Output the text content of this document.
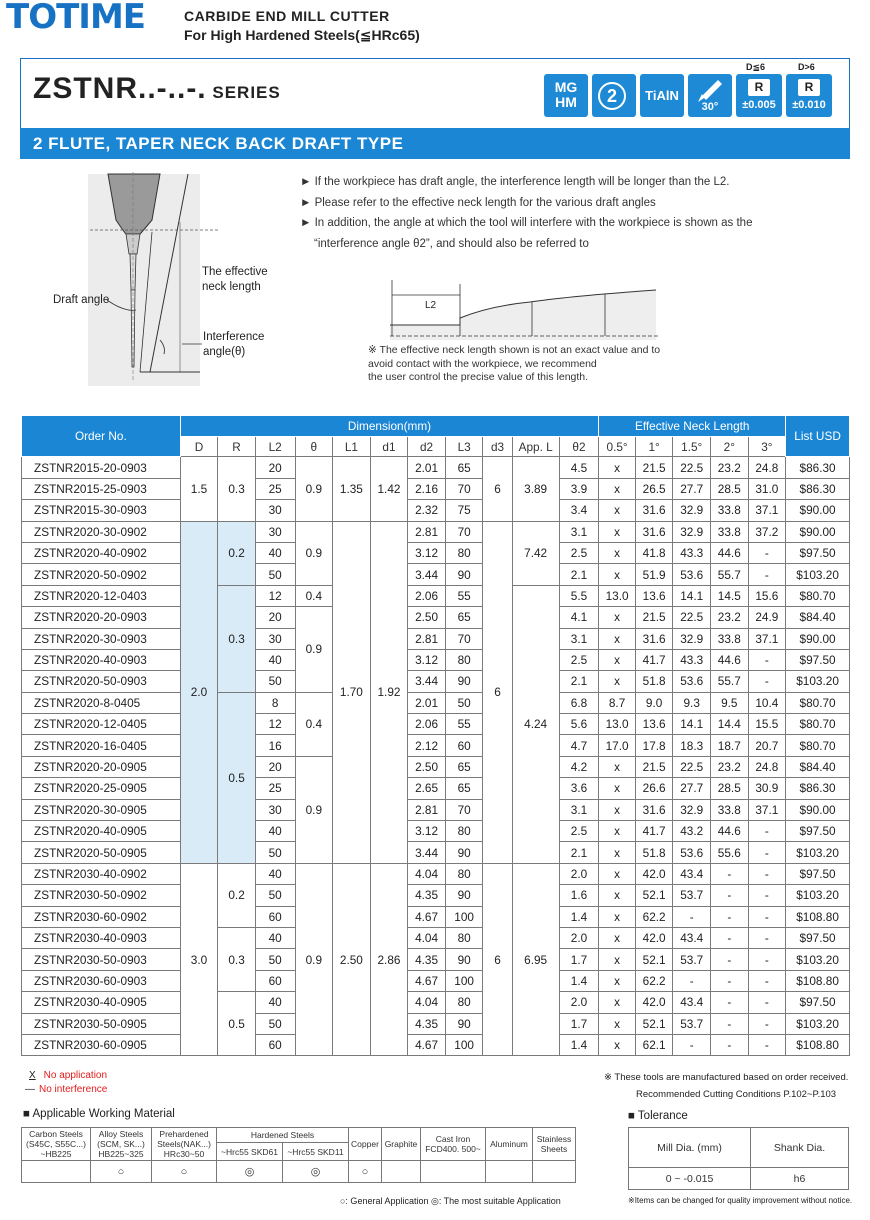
TOTIME	CARBIDE END MILL CUTTER
For High Hardened Steels(≦HRc65)
ZSTNR..-..-. SERIES	MG
HM	2	TiAlN
30°
D≦6
R
±0.005
D>6
R
±0.010
2 FLUTE, TAPER NECK BACK DRAFT TYPE
The effective
neck length
Draft angle
Interference
angle(θ)
► If the workpiece has draft angle, the interference length will be longer than the L2.
► Please refer to the effective neck length for the various draft angles
► In addition, the angle at which the tool will interfere with the workpiece is shown as the
“interference angle θ2”, and should also be referred to
L2
※ The effective neck length shown is not an exact value and to
avoid contact with the workpiece, we recommend
the user control the precise value of this length.
Order No.	Dimension(mm)											Effective Neck Length					List USD
	D	R	L2	θ	L1	d1	d2	L3	d3	App. L	θ2	0.5°	1°	1.5°	2°	3°	
ZSTNR2015-20-0903	1.5	0.3	20	0.9	1.35	1.42	2.01	65	6	3.89	4.5	x	21.5	22.5	23.2	24.8	$86.30
ZSTNR2015-25-0903			25				2.16	70			3.9	x	26.5	27.7	28.5	31.0	$86.30
ZSTNR2015-30-0903			30				2.32	75			3.4	x	31.6	32.9	33.8	37.1	$90.00
ZSTNR2020-30-0902	2.0	0.2	30	0.9	1.70	1.92	2.81	70	6	7.42	3.1	x	31.6	32.9	33.8	37.2	$90.00
ZSTNR2020-40-0902			40				3.12	80			2.5	x	41.8	43.3	44.6	-	$97.50
ZSTNR2020-50-0902			50				3.44	90			2.1	x	51.9	53.6	55.7	-	$103.20
ZSTNR2020-12-0403		0.3	12	0.4			2.06	55		4.24	5.5	13.0	13.6	14.1	14.5	15.6	$80.70
ZSTNR2020-20-0903			20	0.9			2.50	65			4.1	x	21.5	22.5	23.2	24.9	$84.40
ZSTNR2020-30-0903			30				2.81	70			3.1	x	31.6	32.9	33.8	37.1	$90.00
ZSTNR2020-40-0903			40				3.12	80			2.5	x	41.7	43.3	44.6	-	$97.50
ZSTNR2020-50-0903			50				3.44	90			2.1	x	51.8	53.6	55.7	-	$103.20
ZSTNR2020-8-0405		0.5	8	0.4			2.01	50			6.8	8.7	9.0	9.3	9.5	10.4	$80.70
ZSTNR2020-12-0405			12				2.06	55			5.6	13.0	13.6	14.1	14.4	15.5	$80.70
ZSTNR2020-16-0405			16				2.12	60			4.7	17.0	17.8	18.3	18.7	20.7	$80.70
ZSTNR2020-20-0905			20	0.9			2.50	65			4.2	x	21.5	22.5	23.2	24.8	$84.40
ZSTNR2020-25-0905			25				2.65	65			3.6	x	26.6	27.7	28.5	30.9	$86.30
ZSTNR2020-30-0905			30				2.81	70			3.1	x	31.6	32.9	33.8	37.1	$90.00
ZSTNR2020-40-0905			40				3.12	80			2.5	x	41.7	43.2	44.6	-	$97.50
ZSTNR2020-50-0905			50				3.44	90			2.1	x	51.8	53.6	55.6	-	$103.20
ZSTNR2030-40-0902	3.0	0.2	40	0.9	2.50	2.86	4.04	80	6	6.95	2.0	x	42.0	43.4	-	-	$97.50
ZSTNR2030-50-0902			50				4.35	90			1.6	x	52.1	53.7	-	-	$103.20
ZSTNR2030-60-0902			60				4.67	100			1.4	x	62.2	-	-	-	$108.80
ZSTNR2030-40-0903		0.3	40				4.04	80			2.0	x	42.0	43.4	-	-	$97.50
ZSTNR2030-50-0903			50				4.35	90			1.7	x	52.1	53.7	-	-	$103.20
ZSTNR2030-60-0903			60				4.67	100			1.4	x	62.2	-	-	-	$108.80
ZSTNR2030-40-0905		0.5	40				4.04	80			2.0	x	42.0	43.4	-	-	$97.50
ZSTNR2030-50-0905			50				4.35	90			1.7	x	52.1	53.7	-	-	$103.20
ZSTNR2030-60-0905			60				4.67	100			1.4	x	62.1	-	-	-	$108.80
X No application
— No interference
※ These tools are manufactured based on order received.
Recommended Cutting Conditions P.102~P.103
■ Applicable Working Material	■ Tolerance
Carbon Steels
(S45C, S55C...)
~HB225	Alloy Steels
(SCM, SK...)
HB225~325	Prehardened
Steels(NAK...)
HRc30~50	Hardened Steels		Copper	Graphite	Cast Iron
FCD400. 500~	Aluminum	Stainless
Sheets
			~Hrc55 SKD61	~Hrc55 SKD11					
	○	○	◎	◎	○				
○: General Application ◎: The most suitable Application
Mill Dia. (mm)	Shank Dia.
0 ~ -0.015	h6
※Items can be changed for quality improvement without notice.
